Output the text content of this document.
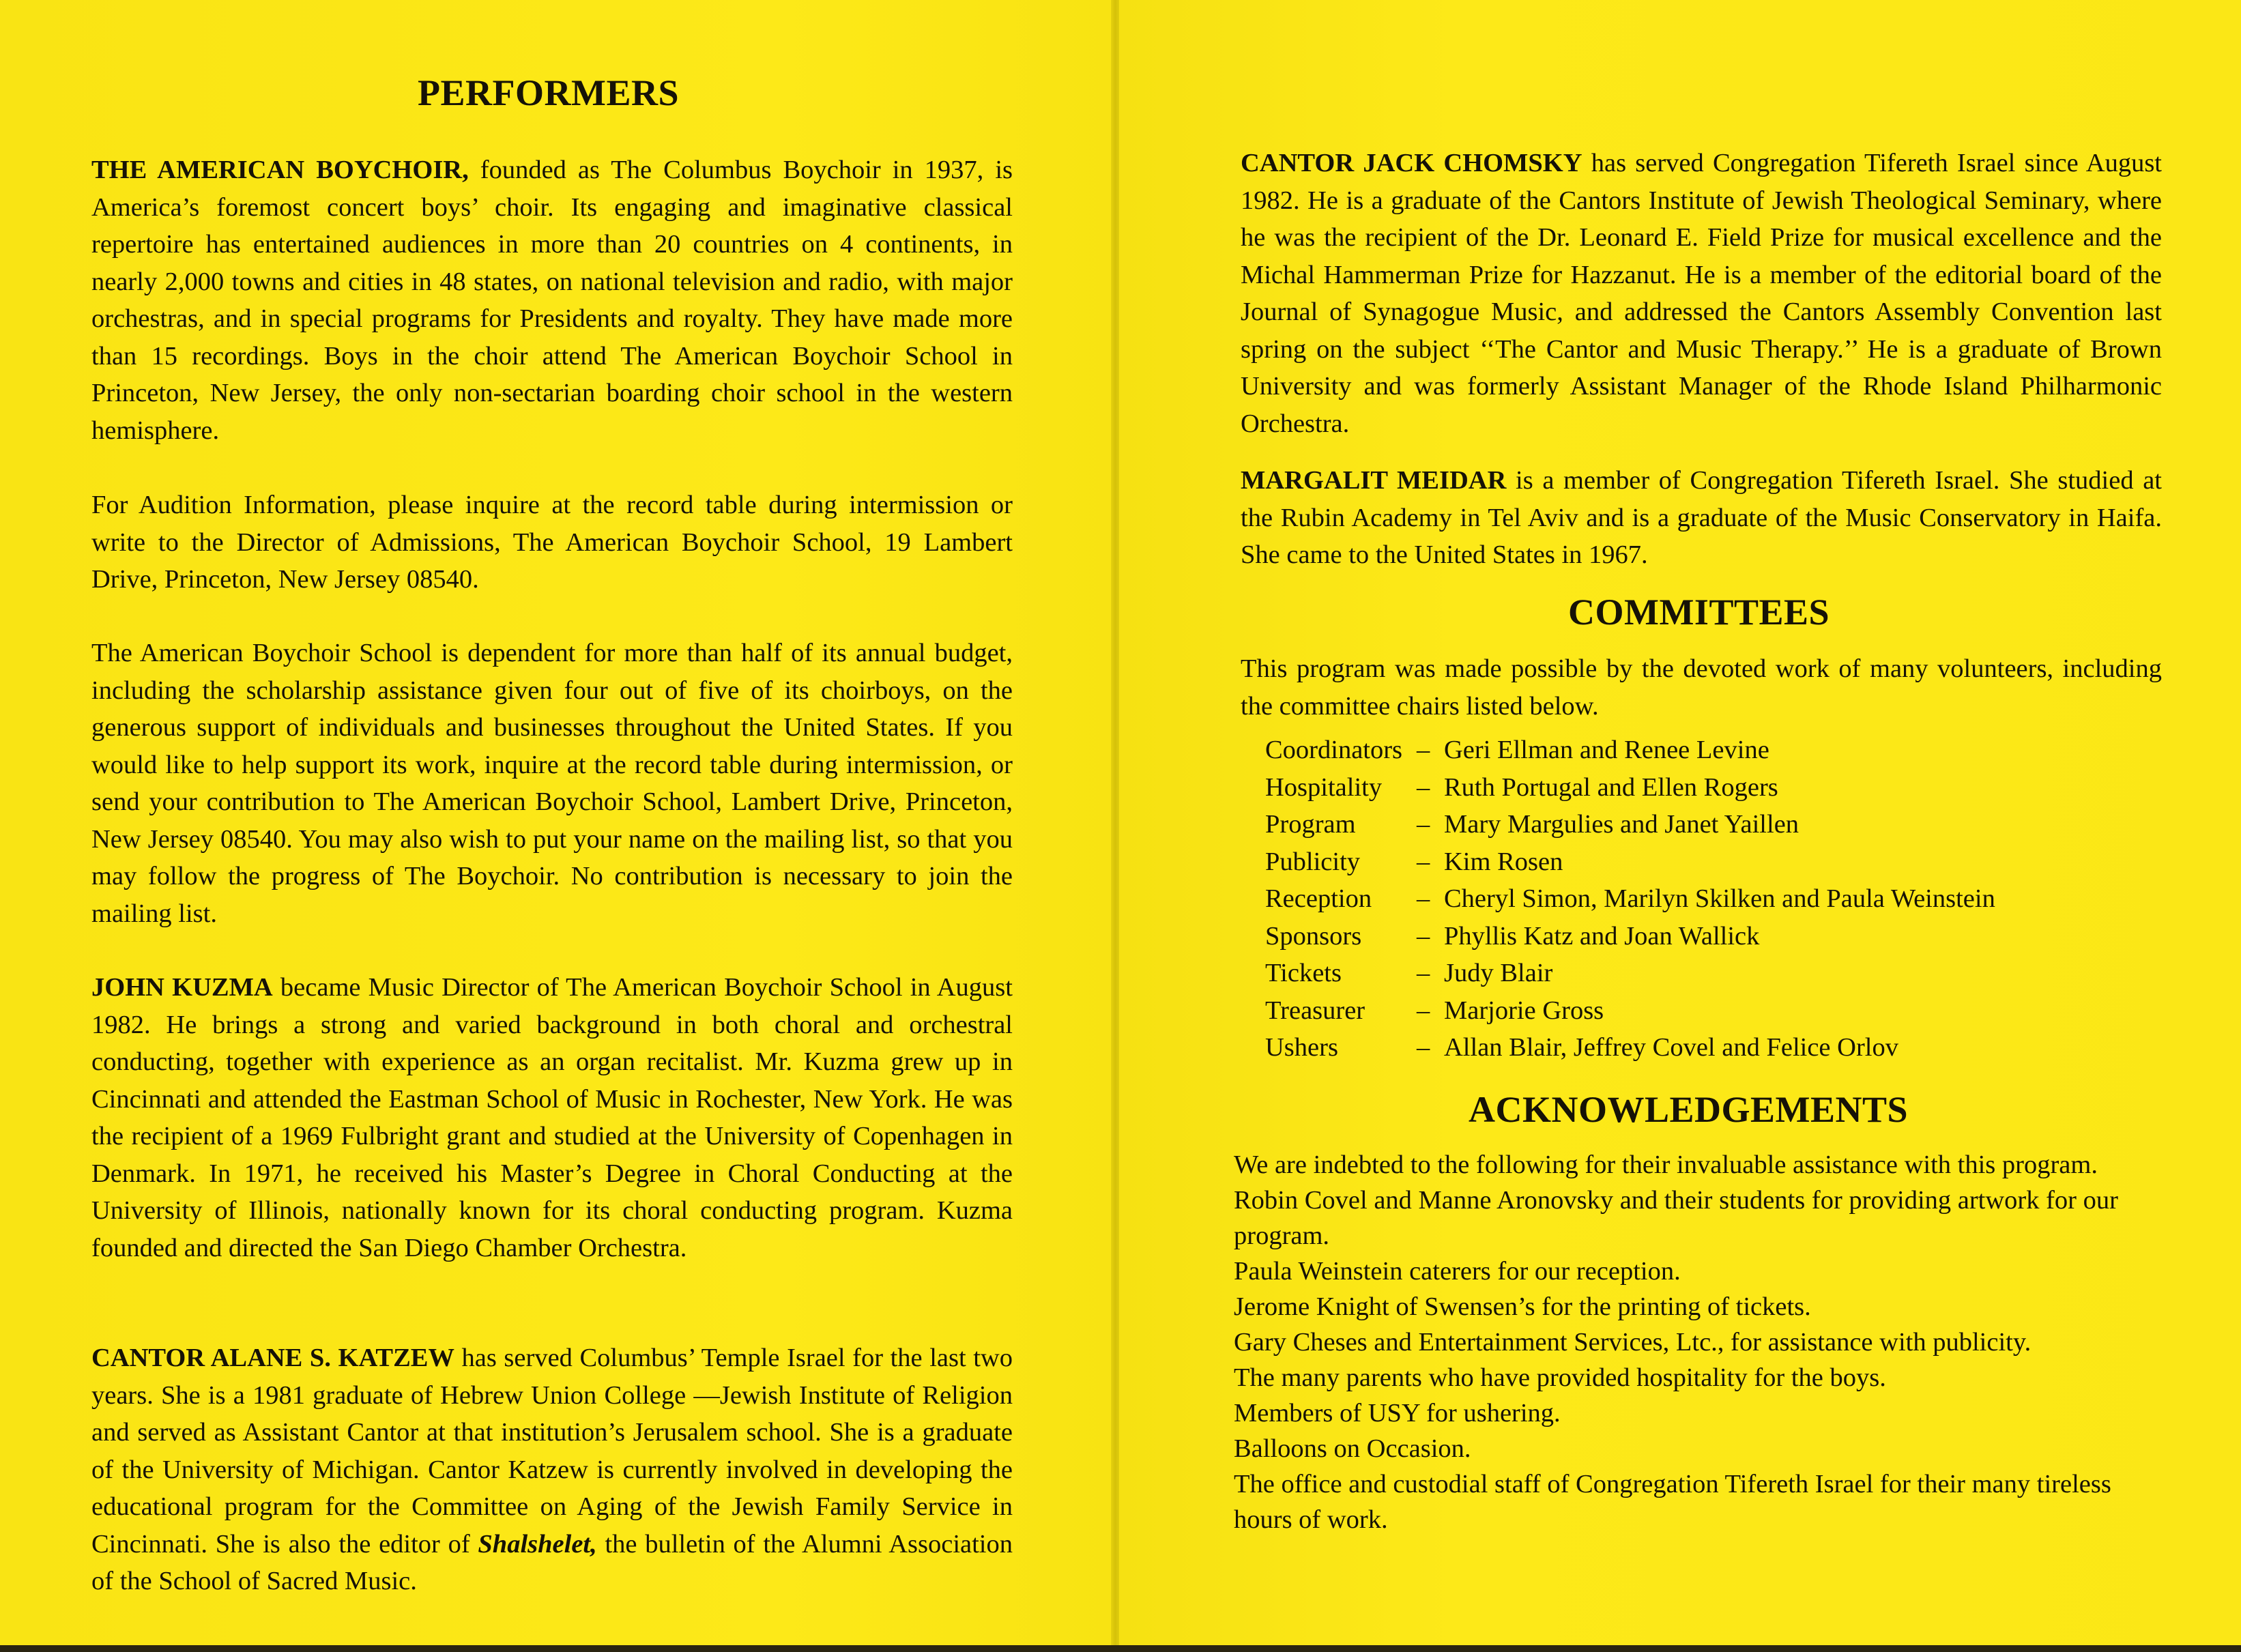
PERFORMERS

THE AMERICAN BOYCHOIR, founded as The Columbus Boychoir in 1937, is America’s foremost concert boys’ choir. Its engaging and imaginative classical repertoire has entertained audiences in more than 20 countries on 4 continents, in nearly 2,000 towns and cities in 48 states, on national television and radio, with major orchestras, and in special programs for Presidents and royalty. They have made more than 15 recordings. Boys in the choir attend The American Boychoir School in Princeton, New Jersey, the only non-sectarian boarding choir school in the western hemisphere.

For Audition Information, please inquire at the record table during intermission or write to the Director of Admissions, The American Boychoir School, 19 Lambert Drive, Princeton, New Jersey 08540.

The American Boychoir School is dependent for more than half of its annual budget, including the scholarship assistance given four out of five of its choirboys, on the generous support of individuals and businesses throughout the United States. If you would like to help support its work, inquire at the record table during intermission, or send your contribution to The American Boychoir School, Lambert Drive, Princeton, New Jersey 08540. You may also wish to put your name on the mailing list, so that you may follow the progress of The Boychoir. No contribution is necessary to join the mailing list.

JOHN KUZMA became Music Director of The American Boychoir School in August 1982. He brings a strong and varied background in both choral and orchestral conducting, together with experience as an organ recitalist. Mr. Kuzma grew up in Cincinnati and attended the Eastman School of Music in Rochester, New York. He was the recipient of a 1969 Fulbright grant and studied at the University of Copenhagen in Denmark. In 1971, he received his Master’s Degree in Choral Conducting at the University of Illinois, nationally known for its choral conducting program. Kuzma founded and directed the San Diego Chamber Orchestra.

CANTOR ALANE S. KATZEW has served Columbus’ Temple Israel for the last two years. She is a 1981 graduate of Hebrew Union College —Jewish Institute of Religion and served as Assistant Cantor at that institution’s Jerusalem school. She is a graduate of the University of Michigan. Cantor Katzew is currently involved in developing the educational program for the Committee on Aging of the Jewish Family Service in Cincinnati. She is also the editor of Shalshelet, the bulletin of the Alumni Association of the School of Sacred Music.

CANTOR JACK CHOMSKY has served Congregation Tifereth Israel since August 1982. He is a graduate of the Cantors Institute of Jewish Theological Seminary, where he was the recipient of the Dr. Leonard E. Field Prize for musical excellence and the Michal Hammerman Prize for Hazzanut. He is a member of the editorial board of the Journal of Synagogue Music, and addressed the Cantors Assembly Convention last spring on the subject ‘‘The Cantor and Music Therapy.’’ He is a graduate of Brown University and was formerly Assistant Manager of the Rhode Island Philharmonic Orchestra.

MARGALIT MEIDAR is a member of Congregation Tifereth Israel. She studied at the Rubin Academy in Tel Aviv and is a graduate of the Music Conservatory in Haifa. She came to the United States in 1967.

COMMITTEES

This program was made possible by the devoted work of many volunteers, including the committee chairs listed below.

Coordinators – Geri Ellman and Renee Levine
Hospitality	– Ruth Portugal and Ellen Rogers
Program	– Mary Margulies and Janet Yaillen
Publicity	– Kim Rosen
Reception	– Cheryl Simon, Marilyn Skilken and Paula Weinstein
Sponsors	– Phyllis Katz and Joan Wallick
Tickets	– Judy Blair
Treasurer	– Marjorie Gross
Ushers	– Allan Blair, Jeffrey Covel and Felice Orlov
ACKNOWLEDGEMENTS

We are indebted to the following for their invaluable assistance with this program.

Robin Covel and Manne Aronovsky and their students for providing artwork for our program.

Paula Weinstein caterers for our reception.

Jerome Knight of Swensen’s for the printing of tickets.

Gary Cheses and Entertainment Services, Ltc., for assistance with publicity.

The many parents who have provided hospitality for the boys.

Members of USY for ushering.

Balloons on Occasion.

The office and custodial staff of Congregation Tifereth Israel for their many tireless hours of work.
